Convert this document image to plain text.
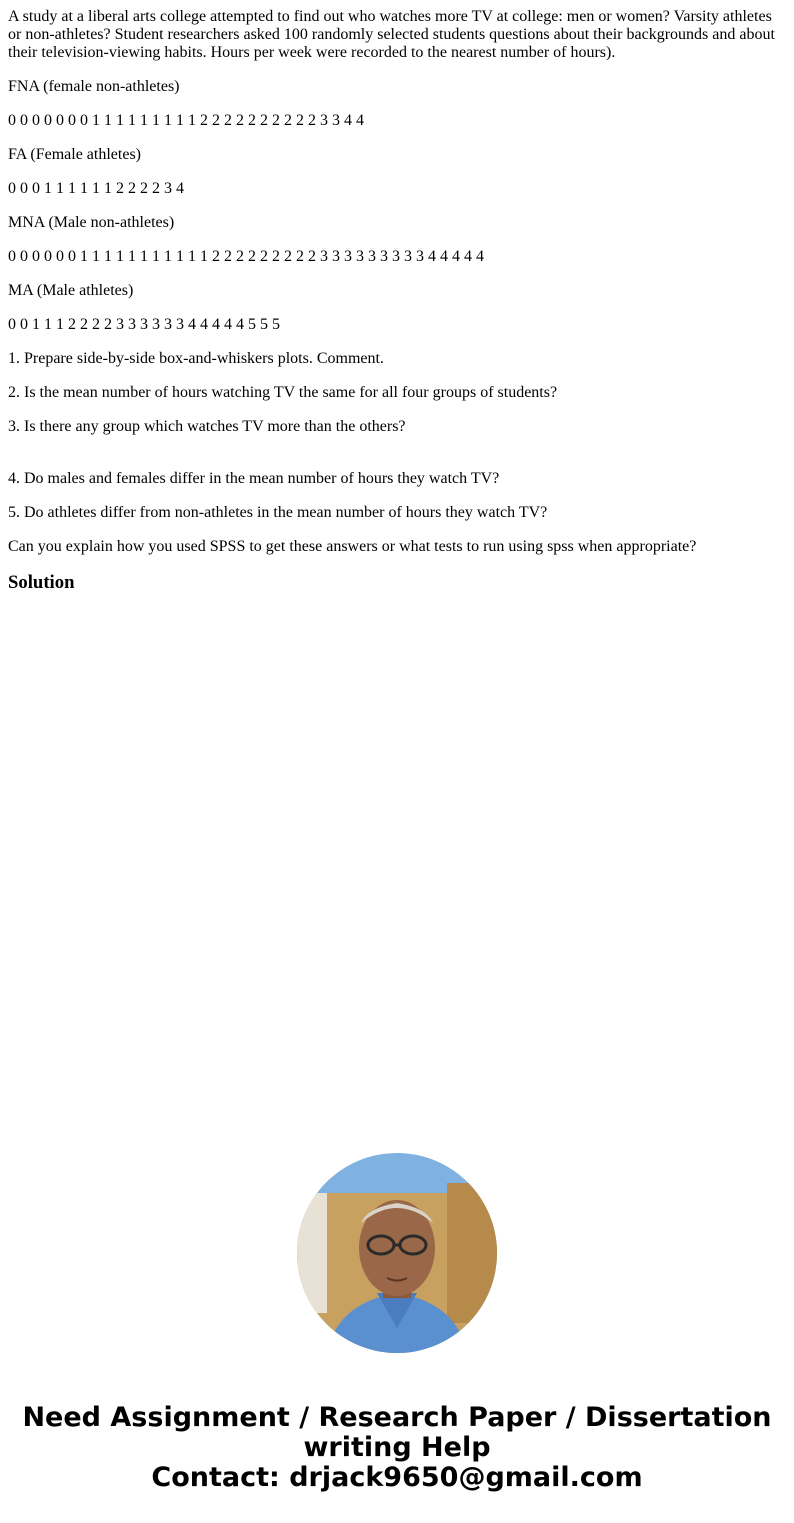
A study at a liberal arts college attempted to find out who watches more TV at college: men or women? Varsity athletes or non-athletes? Student researchers asked 100 randomly selected students questions about their backgrounds and about their television-viewing habits. Hours per week were recorded to the nearest number of hours).

FNA (female non-athletes)

0 0 0 0 0 0 0 1 1 1 1 1 1 1 1 1 2 2 2 2 2 2 2 2 2 2 3 3 4 4

FA (Female athletes)

0 0 0 1 1 1 1 1 1 2 2 2 2 3 4

MNA (Male non-athletes)

0 0 0 0 0 0 1 1 1 1 1 1 1 1 1 1 1 2 2 2 2 2 2 2 2 2 3 3 3 3 3 3 3 3 3 4 4 4 4 4

MA (Male athletes)

0 0 1 1 1 2 2 2 2 3 3 3 3 3 3 4 4 4 4 4 5 5 5

1. Prepare side-by-side box-and-whiskers plots. Comment.

2. Is the mean number of hours watching TV the same for all four groups of students?

3. Is there any group which watches TV more than the others?

4. Do males and females differ in the mean number of hours they watch TV?

5. Do athletes differ from non-athletes in the mean number of hours they watch TV?

Can you explain how you used SPSS to get these answers or what tests to run using spss when appropriate?

Solution
Need Assignment / Research Paper / Dissertation
writing Help
Contact: drjack9650@gmail.com
